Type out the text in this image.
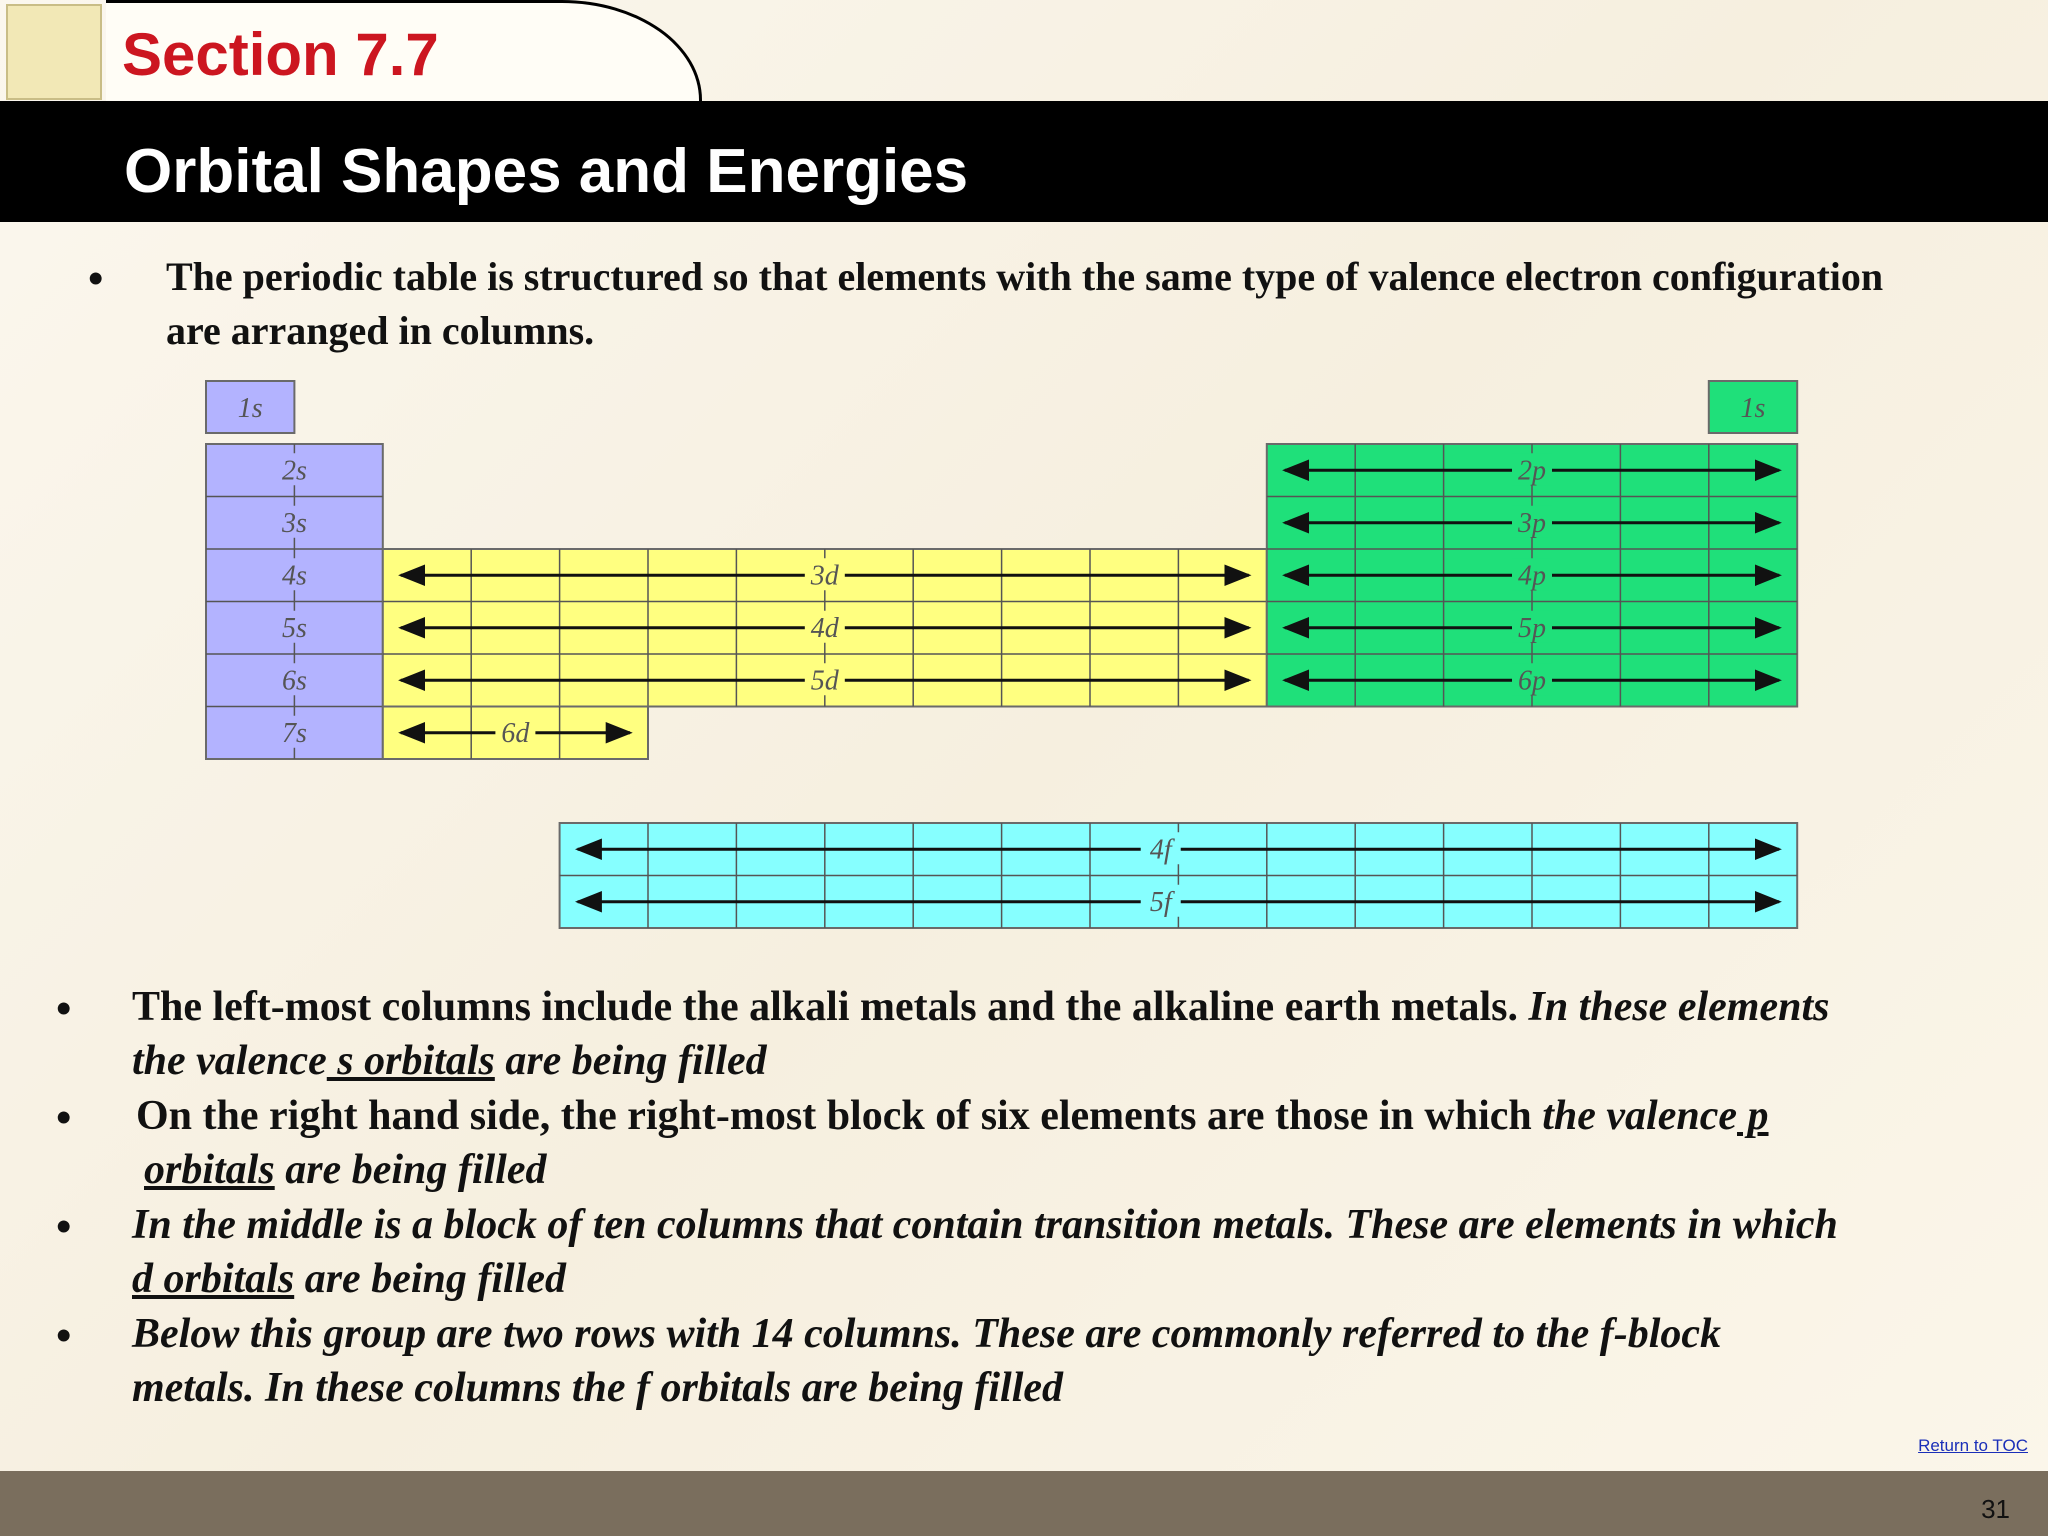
Section 7.7
Orbital Shapes and Energies
• The periodic table is structured so that elements with the same type of valence electron configuration are arranged in columns.
1s
2s
3s
4s
5s
6s
7s
3d
4d
5d
6d
1s
2p
3p
4p
5p
6p
4f
5f
• The left-most columns include the alkali metals and the alkaline earth metals. In these elements
the valence s orbitals are being filled
• On the right hand side, the right-most block of six elements are those in which the valence p
orbitals are being filled
• In the middle is a block of ten columns that contain transition metals. These are elements in which
d orbitals are being filled
• Below this group are two rows with 14 columns. These are commonly referred to the f-block
metals. In these columns the f orbitals are being filled
Return to TOC
31
